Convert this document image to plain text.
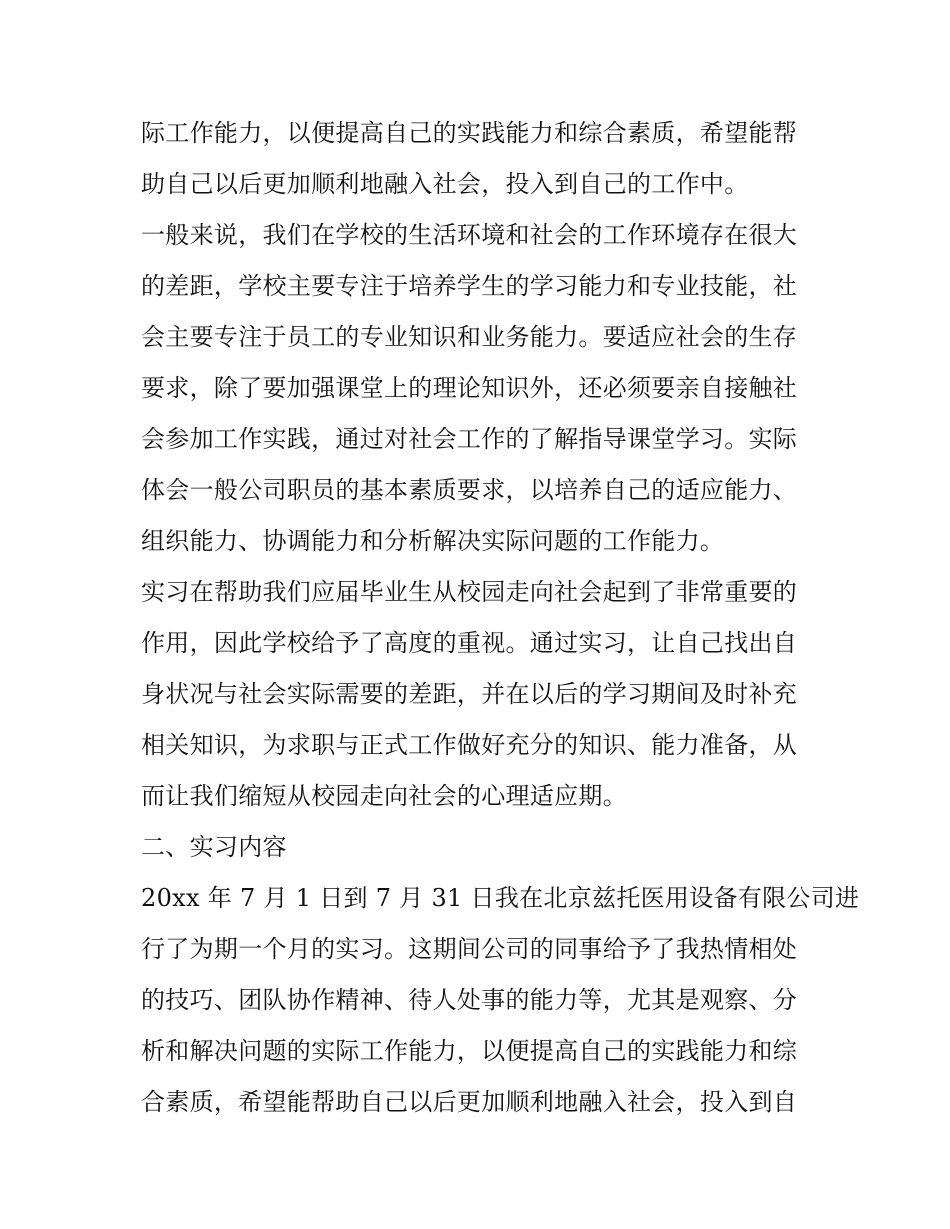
际工作能力，以便提高自己的实践能力和综合素质，希望能帮
助自己以后更加顺利地融入社会，投入到自己的工作中。
一般来说，我们在学校的生活环境和社会的工作环境存在很大
的差距，学校主要专注于培养学生的学习能力和专业技能，社
会主要专注于员工的专业知识和业务能力。要适应社会的生存
要求，除了要加强课堂上的理论知识外，还必须要亲自接触社
会参加工作实践，通过对社会工作的了解指导课堂学习。实际
体会一般公司职员的基本素质要求，以培养自己的适应能力、
组织能力、协调能力和分析解决实际问题的工作能力。
实习在帮助我们应届毕业生从校园走向社会起到了非常重要的
作用，因此学校给予了高度的重视。通过实习，让自己找出自
身状况与社会实际需要的差距，并在以后的学习期间及时补充
相关知识，为求职与正式工作做好充分的知识、能力准备，从
而让我们缩短从校园走向社会的心理适应期。
二、实习内容
20xx 年 7 月 1 日到 7 月 31 日我在北京兹托医用设备有限公司进
行了为期一个月的实习。这期间公司的同事给予了我热情相处
的技巧、团队协作精神、待人处事的能力等，尤其是观察、分
析和解决问题的实际工作能力，以便提高自己的实践能力和综
合素质，希望能帮助自己以后更加顺利地融入社会，投入到自
